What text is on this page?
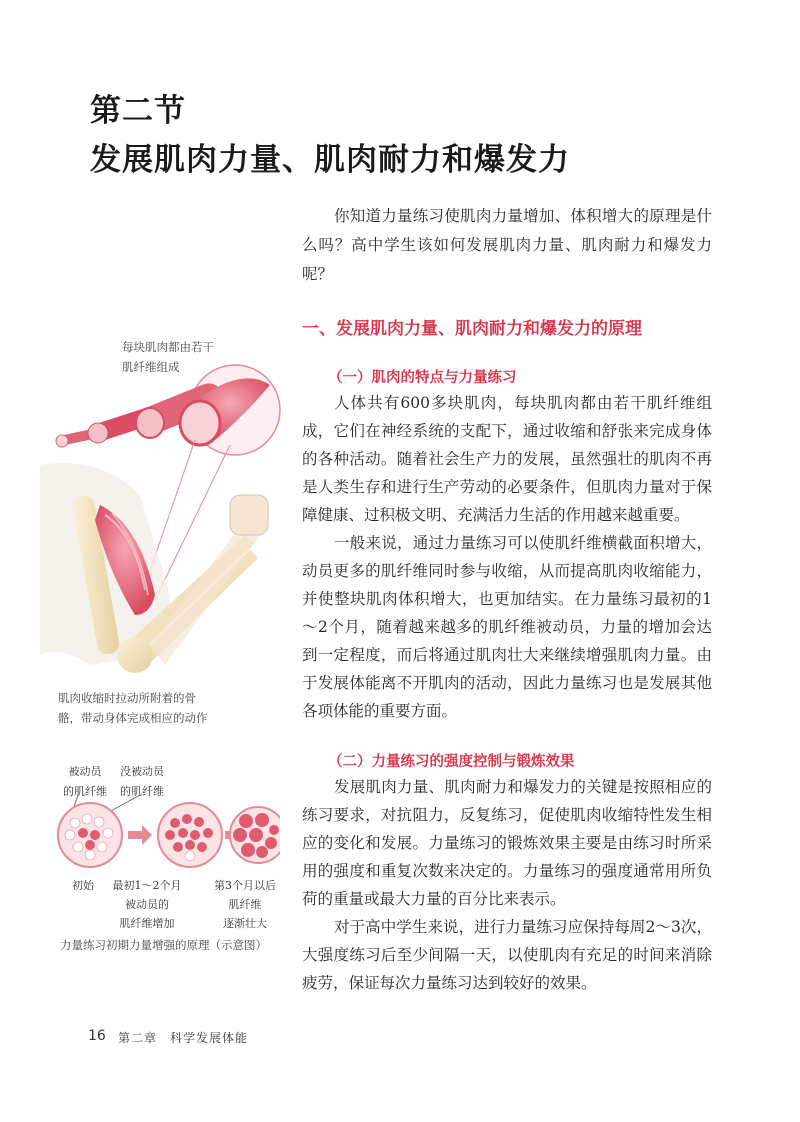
第二节
发展肌肉力量、肌肉耐力和爆发力
你知道力量练习使肌肉力量增加、体积增大的原理是什么吗？高中学生该如何发展肌肉力量、肌肉耐力和爆发力呢？
一、发展肌肉力量、肌肉耐力和爆发力的原理
（一）肌肉的特点与力量练习

人体共有600多块肌肉，每块肌肉都由若干肌纤维组成，它们在神经系统的支配下，通过收缩和舒张来完成身体的各种活动。随着社会生产力的发展，虽然强壮的肌肉不再是人类生存和进行生产劳动的必要条件，但肌肉力量对于保障健康、过积极文明、充满活力生活的作用越来越重要。

一般来说，通过力量练习可以使肌纤维横截面积增大，动员更多的肌纤维同时参与收缩，从而提高肌肉收缩能力，并使整块肌肉体积增大，也更加结实。在力量练习最初的1～2个月，随着越来越多的肌纤维被动员，力量的增加会达到一定程度，而后将通过肌肉壮大来继续增强肌肉力量。由于发展体能离不开肌肉的活动，因此力量练习也是发展其他各项体能的重要方面。

（二）力量练习的强度控制与锻炼效果

发展肌肉力量、肌肉耐力和爆发力的关键是按照相应的练习要求，对抗阻力，反复练习，促使肌肉收缩特性发生相应的变化和发展。力量练习的锻炼效果主要是由练习时所采用的强度和重复次数来决定的。力量练习的强度通常用所负荷的重量或最大力量的百分比来表示。

对于高中学生来说，进行力量练习应保持每周2～3次，大强度练习后至少间隔一天，以使肌肉有充足的时间来消除疲劳，保证每次力量练习达到较好的效果。

每块肌肉都由若干
肌纤维组成
肌肉收缩时拉动所附着的骨
骼，带动身体完成相应的动作
被动员
的肌纤维
没被动员
的肌纤维
初始	最初1～2个月
被动员的
肌纤维增加
第3个月以后
肌纤维
逐渐壮大
力量练习初期力量增强的原理（示意图）
16 第二章　科学发展体能
